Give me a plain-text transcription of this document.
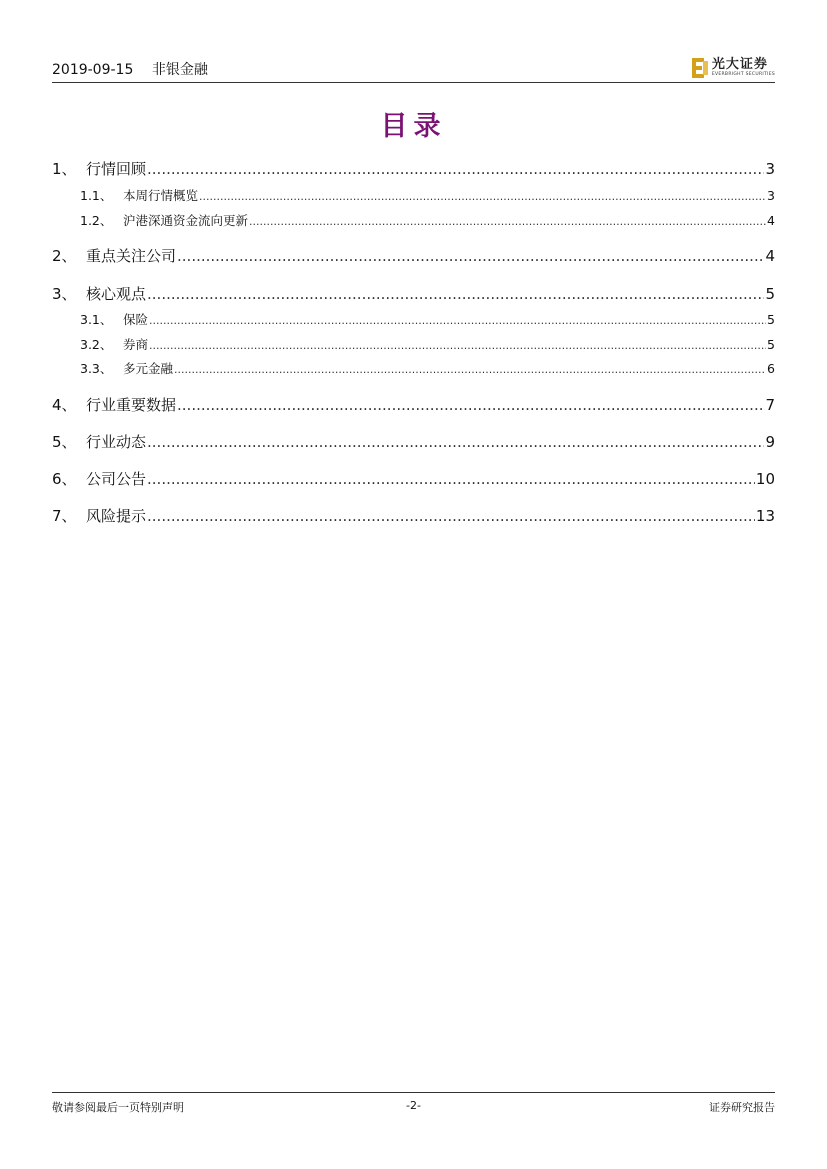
2019-09-15 非银金融	光大证券
EVERBRIGHT SECURITIES
目录
1、 行情回顾 .....	3
1.1、 本周行情概览 .....	3
1.2、 沪港深通资金流向更新 .....	4
2、 重点关注公司 .....	4
3、 核心观点 .....	5
3.1、 保险 .....	5
3.2、 券商 .....	5
3.3、 多元金融 .....	6
4、 行业重要数据 .....	7
5、 行业动态 .....	9
6、 公司公告 .....	10
7、 风险提示 .....	13
敬请参阅最后一页特别声明	-2-	证券研究报告
